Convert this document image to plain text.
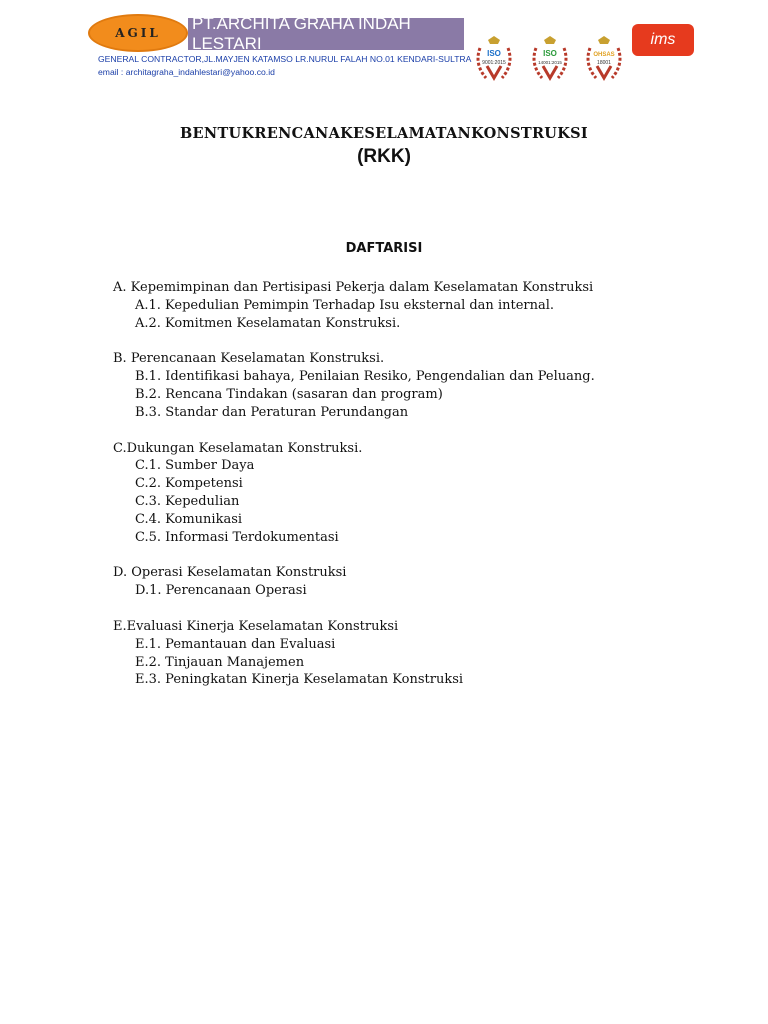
AGIL PT.ARCHITA GRAHA INDAH LESTARI
GENERAL CONTRACTOR,JL.MAYJEN KATAMSO LR.NURUL FALAH NO.01 KENDARI-SULTRA
email : architagraha_indahlestari@yahoo.co.id
ISO
9001:2015
ISO
14001:2015
OHSAS
18001
ims
BENTUKRENCANAKESELAMATANKONSTRUKSI
(RKK)
DAFTARISI
A. Kepemimpinan dan Pertisipasi Pekerja dalam Keselamatan Konstruksi
A.1. Kepedulian Pemimpin Terhadap Isu eksternal dan internal.
A.2. Komitmen Keselamatan Konstruksi.
B. Perencanaan Keselamatan Konstruksi.
B.1. Identifikasi bahaya, Penilaian Resiko, Pengendalian dan Peluang.
B.2. Rencana Tindakan (sasaran dan program)
B.3. Standar dan Peraturan Perundangan
C.Dukungan Keselamatan Konstruksi.
C.1. Sumber Daya
C.2. Kompetensi
C.3. Kepedulian
C.4. Komunikasi
C.5. Informasi Terdokumentasi
D. Operasi Keselamatan Konstruksi
D.1. Perencanaan Operasi
E.Evaluasi Kinerja Keselamatan Konstruksi
E.1. Pemantauan dan Evaluasi
E.2. Tinjauan Manajemen
E.3. Peningkatan Kinerja Keselamatan Konstruksi
